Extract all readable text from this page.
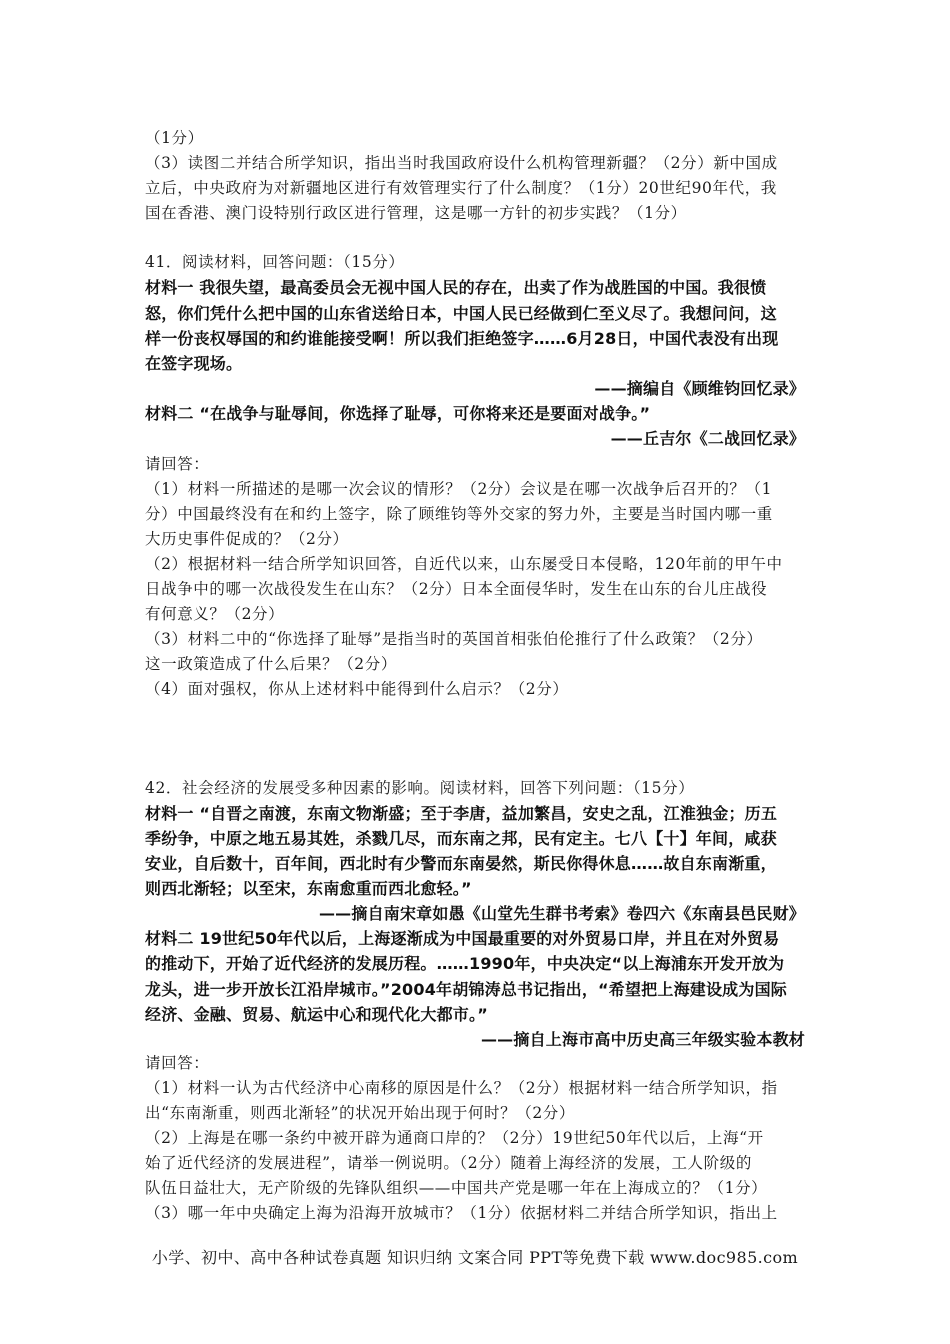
（1分）
（3）读图二并结合所学知识，指出当时我国政府设什么机构管理新疆？（2分）新中国成
立后，中央政府为对新疆地区进行有效管理实行了什么制度？（1分）20世纪90年代，我
国在香港、澳门设特别行政区进行管理，这是哪一方针的初步实践？（1分）
41．阅读材料，回答问题：（15分）
材料一 我很失望，最高委员会无视中国人民的存在，出卖了作为战胜国的中国。我很愤
怒，你们凭什么把中国的山东省送给日本，中国人民已经做到仁至义尽了。我想问问，这
样一份丧权辱国的和约谁能接受啊！所以我们拒绝签字……6月28日，中国代表没有出现
在签字现场。
——摘编自《顾维钧回忆录》
材料二 “在战争与耻辱间，你选择了耻辱，可你将来还是要面对战争。”
——丘吉尔《二战回忆录》
请回答：
（1）材料一所描述的是哪一次会议的情形？（2分）会议是在哪一次战争后召开的？（1
分）中国最终没有在和约上签字，除了顾维钧等外交家的努力外，主要是当时国内哪一重
大历史事件促成的？（2分）
（2）根据材料一结合所学知识回答，自近代以来，山东屡受日本侵略，120年前的甲午中
日战争中的哪一次战役发生在山东？（2分）日本全面侵华时，发生在山东的台儿庄战役
有何意义？（2分）
（3）材料二中的“你选择了耻辱”是指当时的英国首相张伯伦推行了什么政策？（2分）
这一政策造成了什么后果？（2分）
（4）面对强权，你从上述材料中能得到什么启示？（2分）
42．社会经济的发展受多种因素的影响。阅读材料，回答下列问题：（15分）
材料一 “自晋之南渡，东南文物渐盛；至于李唐，益加繁昌，安史之乱，江淮独金；历五
季纷争，中原之地五易其姓，杀戮几尽，而东南之邦，民有定主。七八【十】年间，咸获
安业，自后数十，百年间，西北时有少警而东南晏然，斯民你得休息……故自东南渐重，
则西北渐轻；以至宋，东南愈重而西北愈轻。”
——摘自南宋章如愚《山堂先生群书考索》卷四六《东南县邑民财》
材料二 19世纪50年代以后，上海逐渐成为中国最重要的对外贸易口岸，并且在对外贸易
的推动下，开始了近代经济的发展历程。……1990年，中央决定“以上海浦东开发开放为
龙头，进一步开放长江沿岸城市。”2004年胡锦涛总书记指出，“希望把上海建设成为国际
经济、金融、贸易、航运中心和现代化大都市。”
——摘自上海市高中历史高三年级实验本教材
请回答：
（1）材料一认为古代经济中心南移的原因是什么？（2分）根据材料一结合所学知识，指
出“东南渐重，则西北渐轻”的状况开始出现于何时？（2分）
（2）上海是在哪一条约中被开辟为通商口岸的？（2分）19世纪50年代以后，上海“开
始了近代经济的发展进程”，请举一例说明。（2分）随着上海经济的发展，工人阶级的
队伍日益壮大，无产阶级的先锋队组织——中国共产党是哪一年在上海成立的？（1分）
（3）哪一年中央确定上海为沿海开放城市？（1分）依据材料二并结合所学知识，指出上
小学、初中、高中各种试卷真题 知识归纳 文案合同 PPT等免费下载 www.doc985.com
